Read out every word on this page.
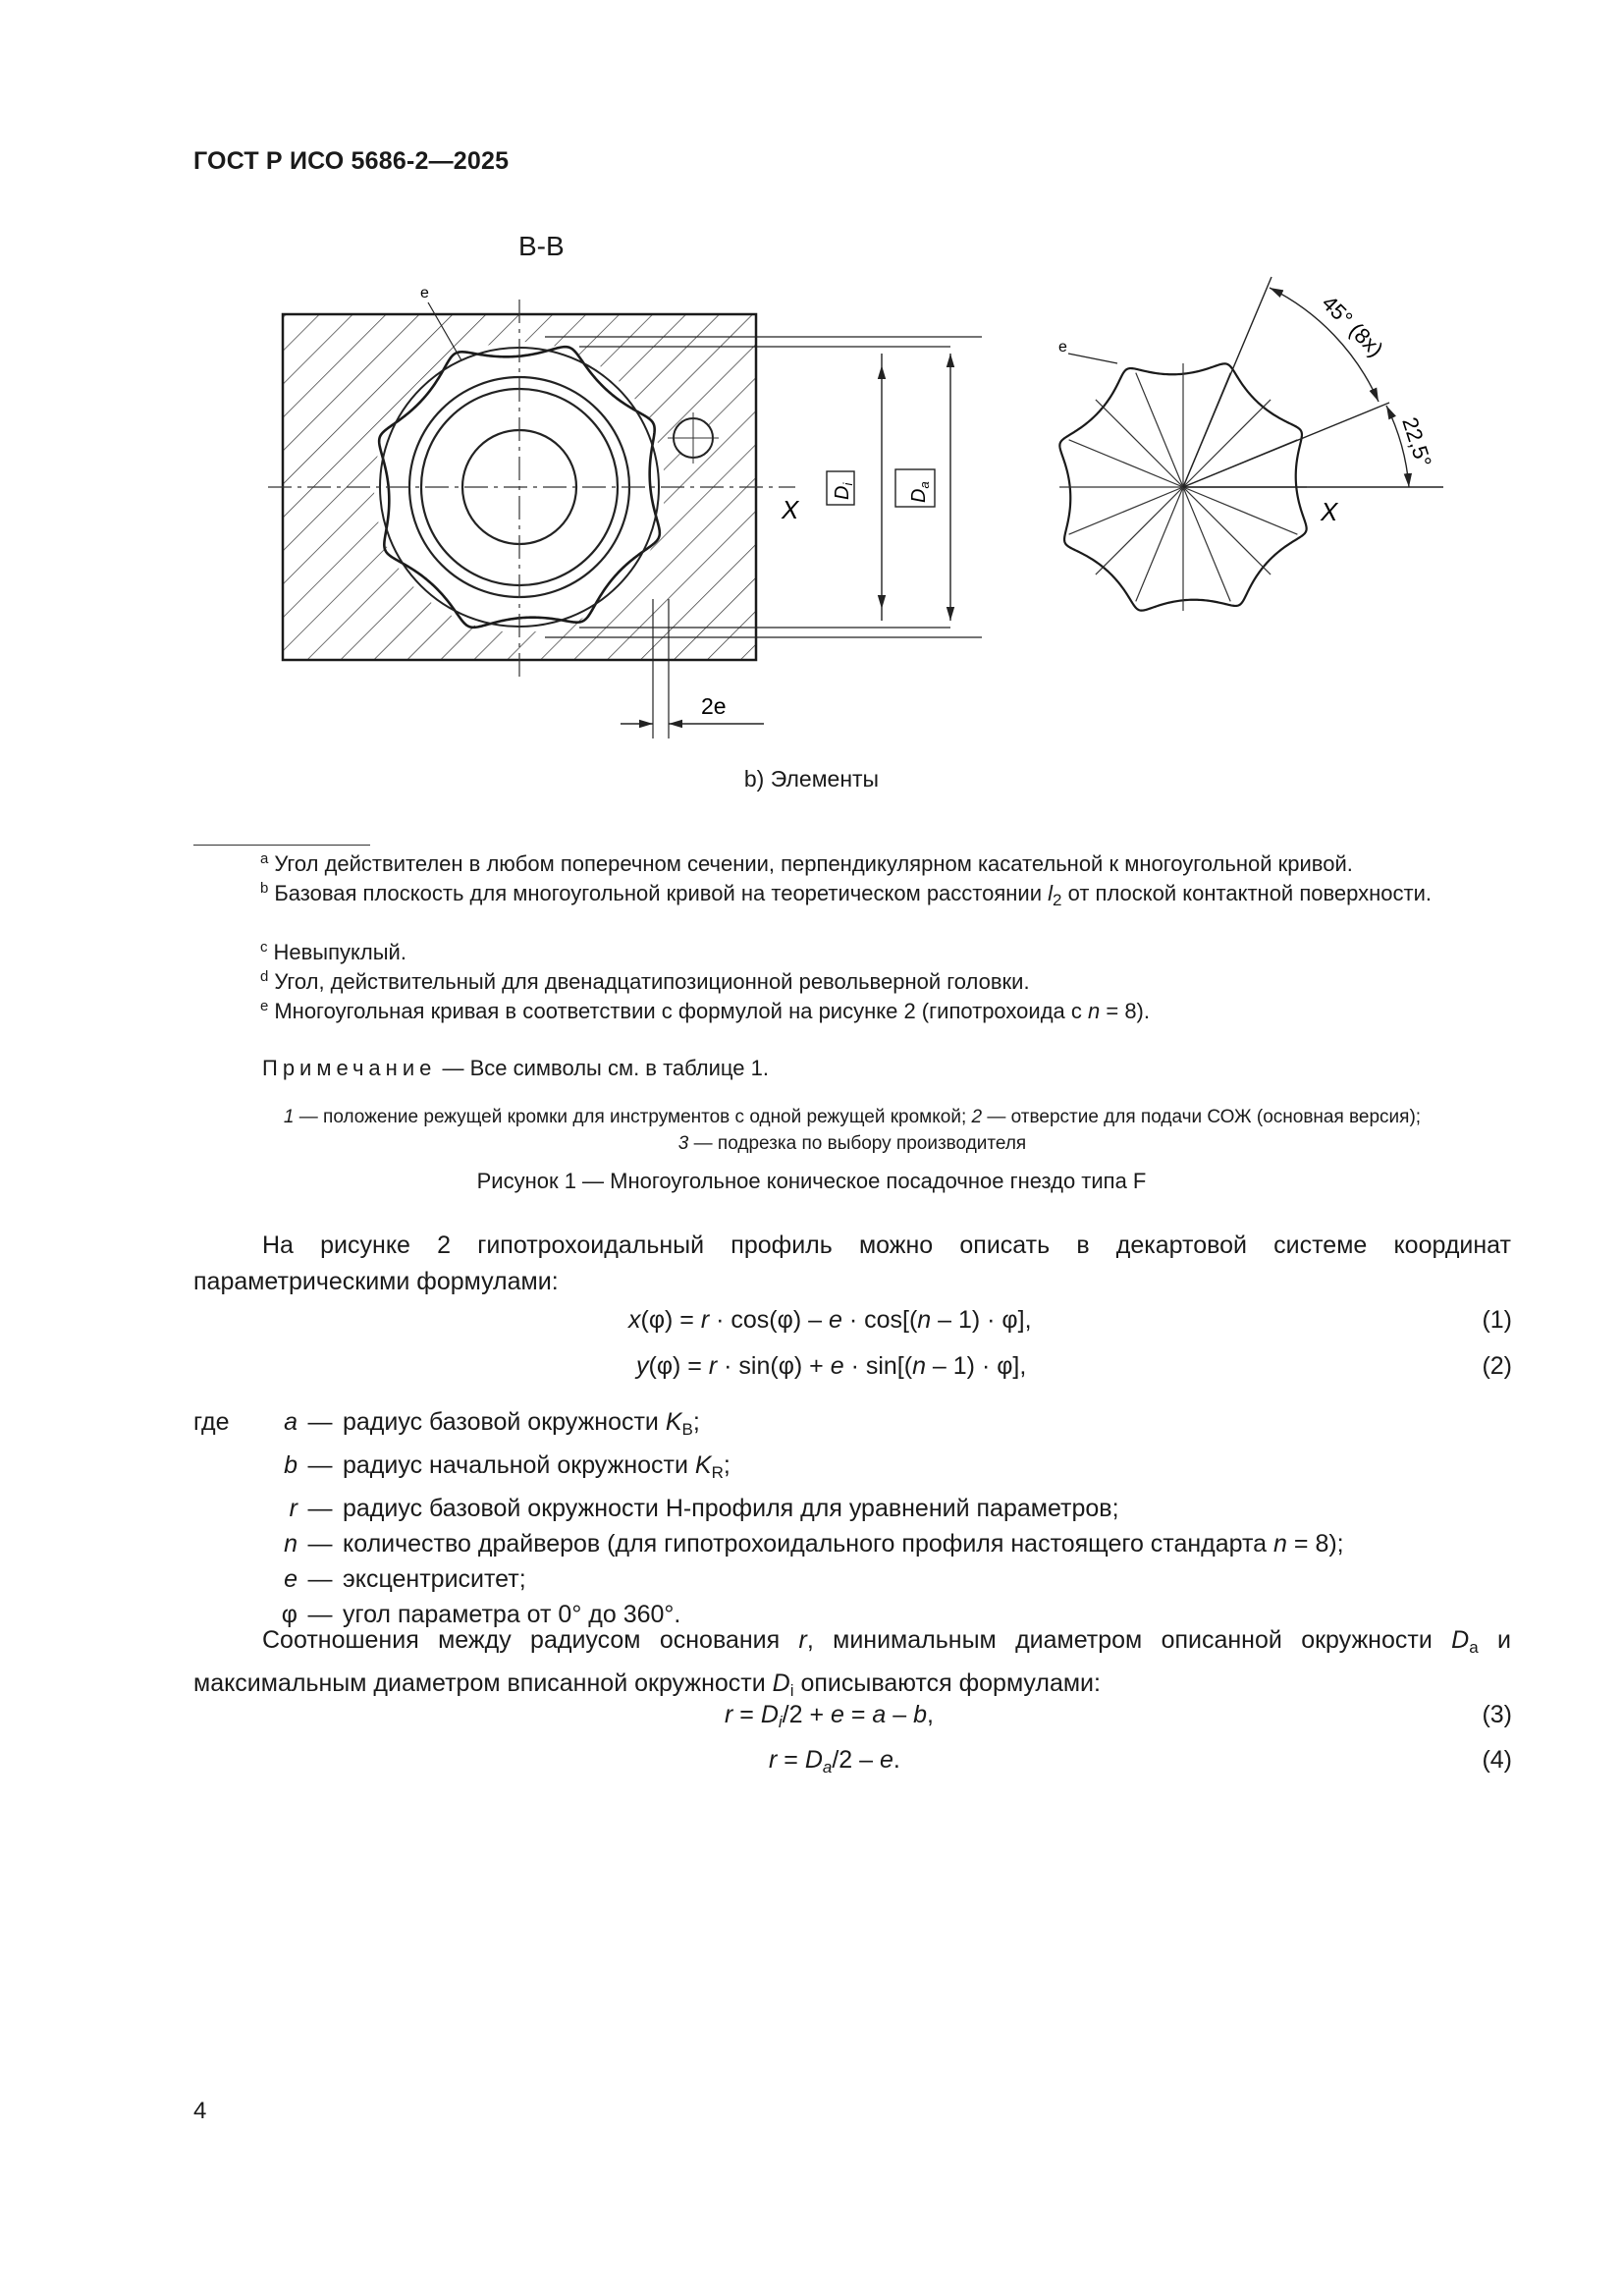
ГОСТ Р ИСО 5686-2—2025
B-B
e
X
$D_i$
$D_a$
2e
45° (8x)
22,5°
e
X
b) Элементы
$^a$ Угол действителен в любом поперечном сечении, перпендикулярном касательной к многоугольной кривой.
$^b$ Базовая плоскость для многоугольной кривой на теоретическом расстоянии $l_2$ от плоской контактной поверхности.
$^c$ Невыпуклый.
$^d$ Угол, действительный для двенадцатипозиционной револьверной головки.
$^e$ Многоугольная кривая в соответствии с формулой на рисунке 2 (гипотрохоида с n = 8).
Примечание — Все символы см. в таблице 1.
1 — положение режущей кромки для инструментов с одной режущей кромкой; 2 — отверстие для подачи СОЖ (основная версия);
3 — подрезка по выбору производителя
Рисунок 1 — Многоугольное коническое посадочное гнездо типа F
На рисунке 2 гипотрохоидальный профиль можно описать в декартовой системе координат параметрическими формулами:
x(φ) = r · cos(φ) – e · cos[(n – 1) · φ],	(1)
y(φ) = r · sin(φ) + e · sin[(n – 1) · φ],	(2)
где	a — радиус базовой окружности $K_B$;
b — радиус начальной окружности $K_R$;
r — радиус базовой окружности H-профиля для уравнений параметров;
n — количество драйверов (для гипотрохоидального профиля настоящего стандарта n = 8);
e — эксцентриситет;
φ — угол параметра от 0° до 360°.
Соотношения между радиусом основания r, минимальным диаметром описанной окружности $D_a$ и максимальным диаметром вписанной окружности $D_i$ описываются формулами:
$r = D_i/2 + e = a - b$,	(3)
$r = D_a/2 - e$.	(4)
4
